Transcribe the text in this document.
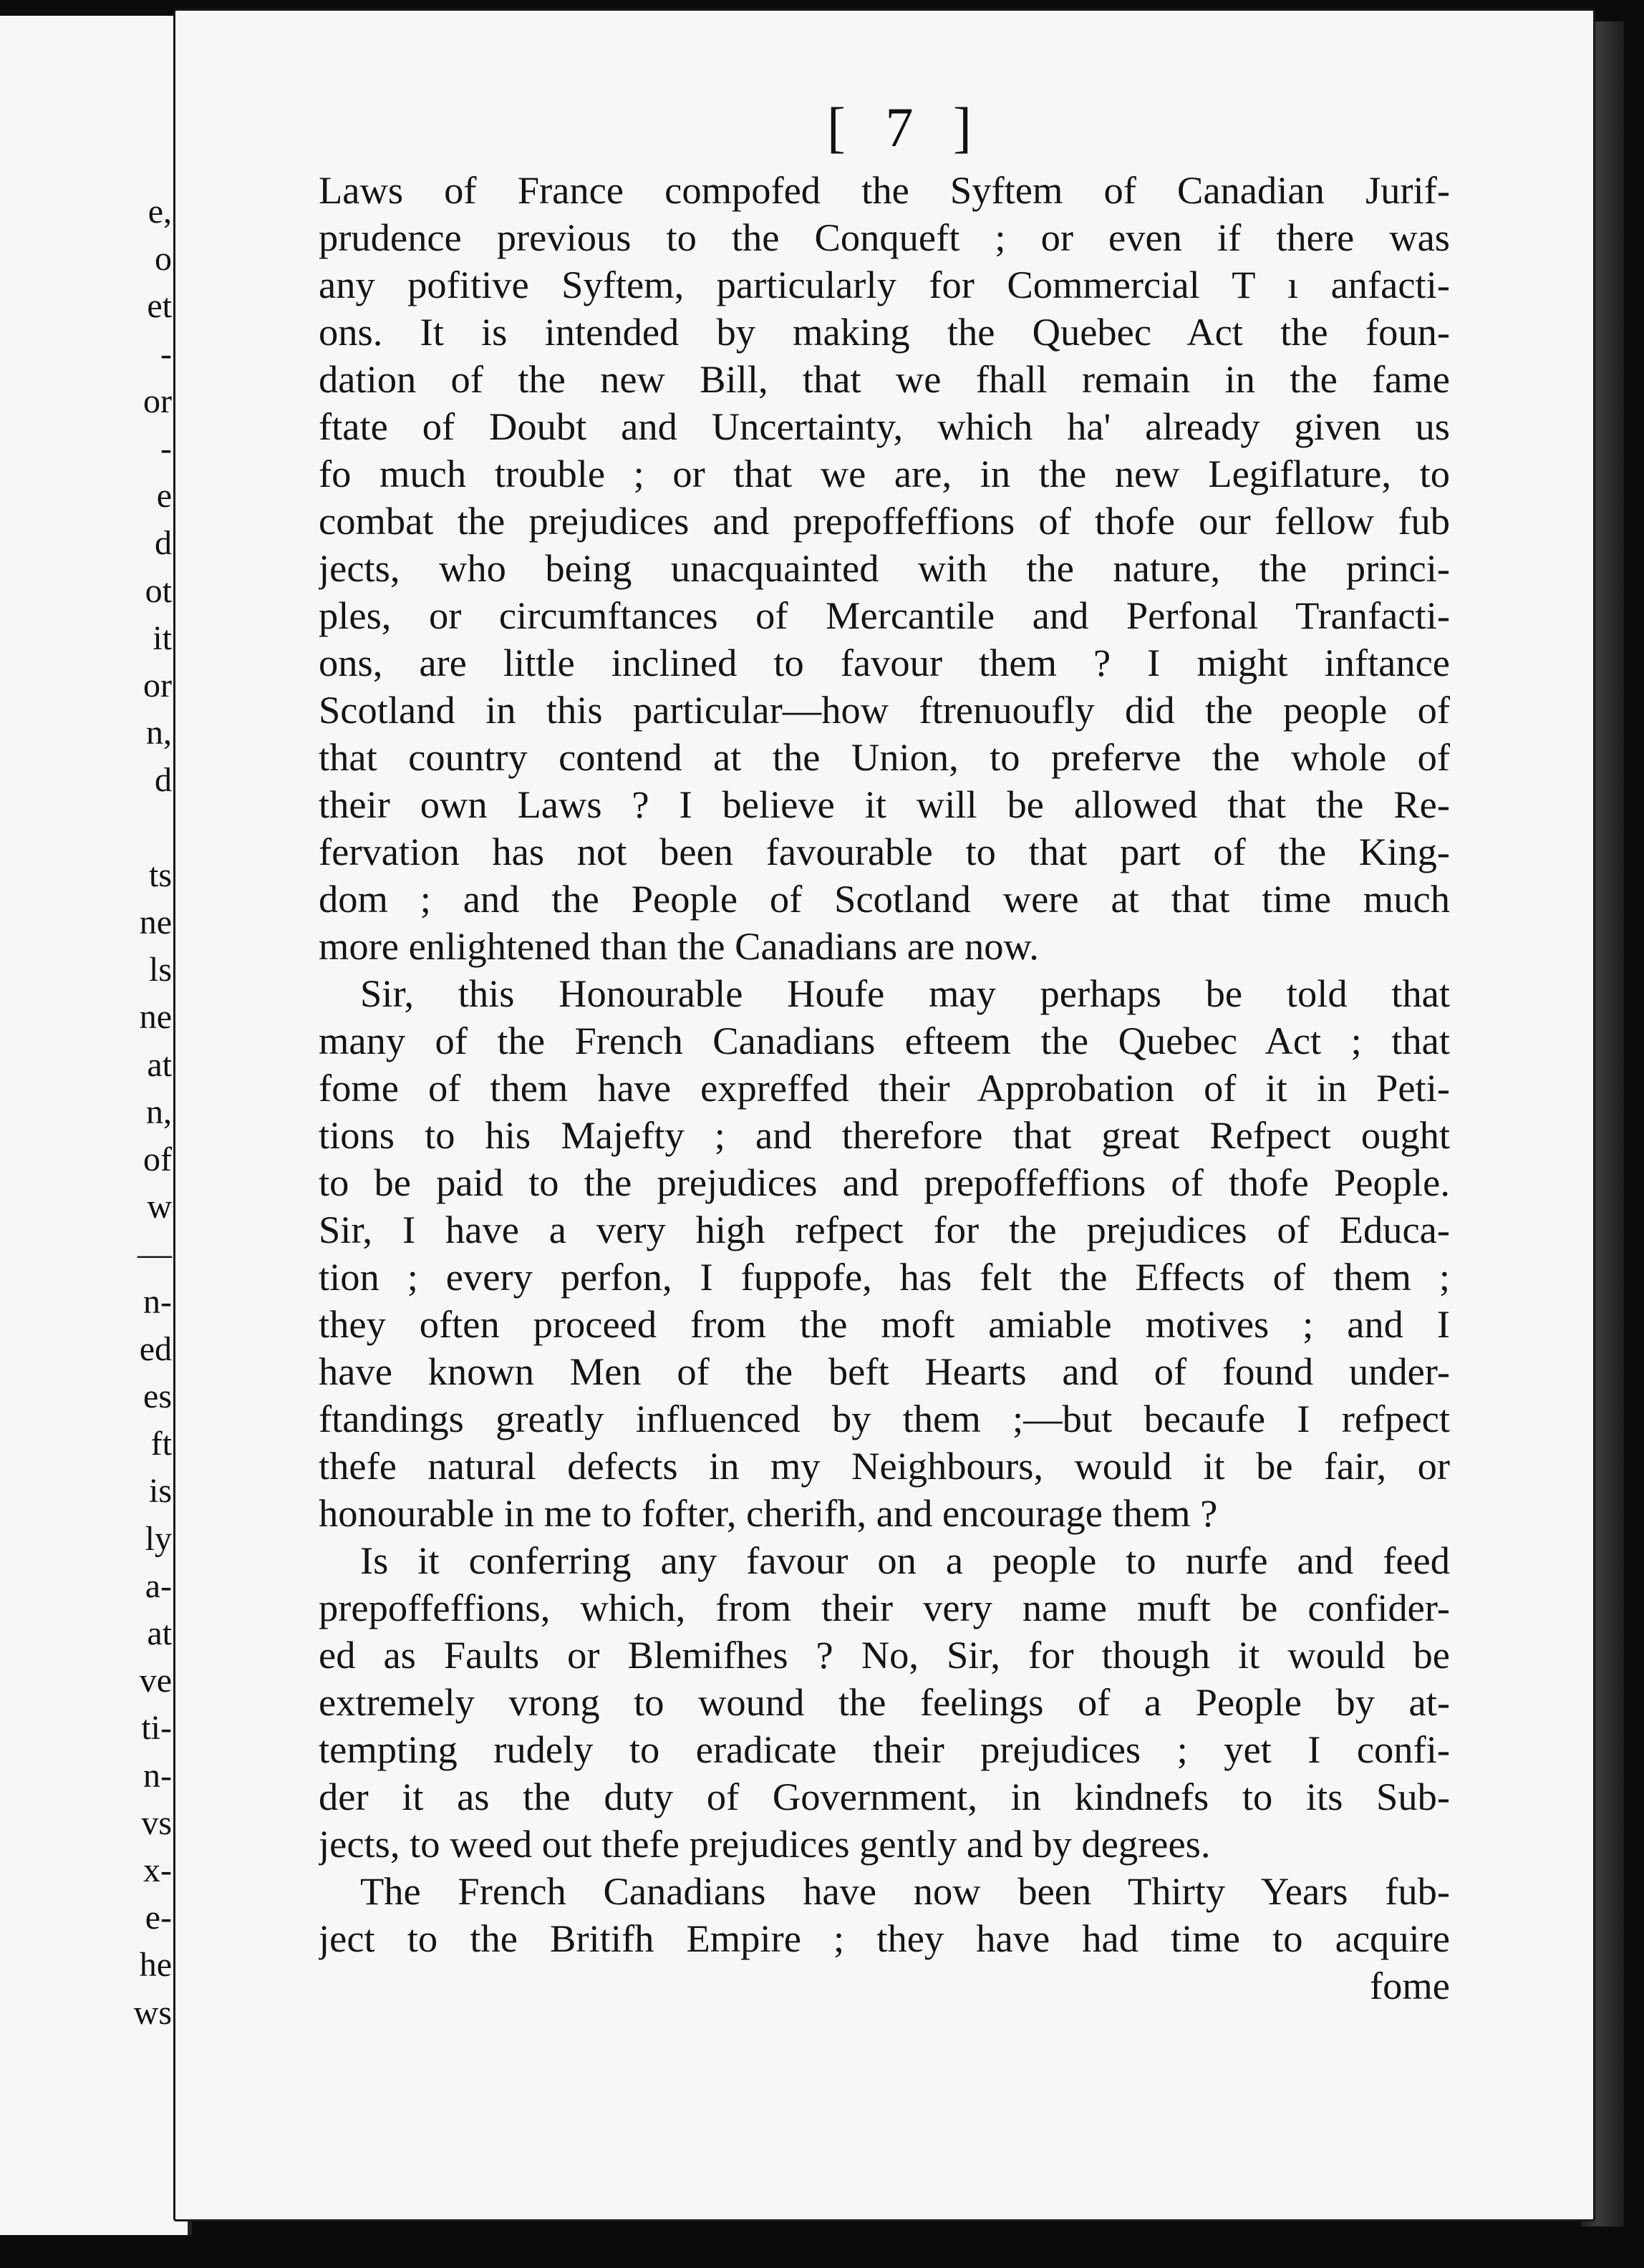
e,
o
et
-
or
-
e
d
ot
it
or
n,
d
ts
ne
ls
ne
at
n,
of
w
—
n-
ed
es
ft
is
ly
a-
at
ve
ti-
n-
vs
x-
e-
he
ws
[ 7 ]
Laws of France compofed the Syftem of Canadian Jurif-
prudence previous to the Conqueft ; or even if there was
any pofitive Syftem, particularly for Commercial T ı anfacti-
ons. It is intended by making the Quebec Act the foun-
dation of the new Bill, that we fhall remain in the fame
ftate of Doubt and Uncertainty, which ha' already given us
fo much trouble ; or that we are, in the new Legiflature, to
combat the prejudices and prepoffeffions of thofe our fellow fub
jects, who being unacquainted with the nature, the princi-
ples, or circumftances of Mercantile and Perfonal Tranfacti-
ons, are little inclined to favour them ? I might inftance
Scotland in this particular—how ftrenuoufly did the people of
that country contend at the Union, to preferve the whole of
their own Laws ? I believe it will be allowed that the Re-
fervation has not been favourable to that part of the King-
dom ; and the People of Scotland were at that time much
more enlightened than the Canadians are now.
Sir, this Honourable Houfe may perhaps be told that
many of the French Canadians efteem the Quebec Act ; that
fome of them have expreffed their Approbation of it in Peti-
tions to his Majefty ; and therefore that great Refpect ought
to be paid to the prejudices and prepoffeffions of thofe People.
Sir, I have a very high refpect for the prejudices of Educa-
tion ; every perfon, I fuppofe, has felt the Effects of them ;
they often proceed from the moft amiable motives ; and I
have known Men of the beft Hearts and of found under-
ftandings greatly influenced by them ;—but becaufe I refpect
thefe natural defects in my Neighbours, would it be fair, or
honourable in me to fofter, cherifh, and encourage them ?
Is it conferring any favour on a people to nurfe and feed
prepoffeffions, which, from their very name muft be confider-
ed as Faults or Blemifhes ? No, Sir, for though it would be
extremely vrong to wound the feelings of a People by at-
tempting rudely to eradicate their prejudices ; yet I confi-
der it as the duty of Government, in kindnefs to its Sub-
jects, to weed out thefe prejudices gently and by degrees.
The French Canadians have now been Thirty Years fub-
ject to the Britifh Empire ; they have had time to acquire
fome
